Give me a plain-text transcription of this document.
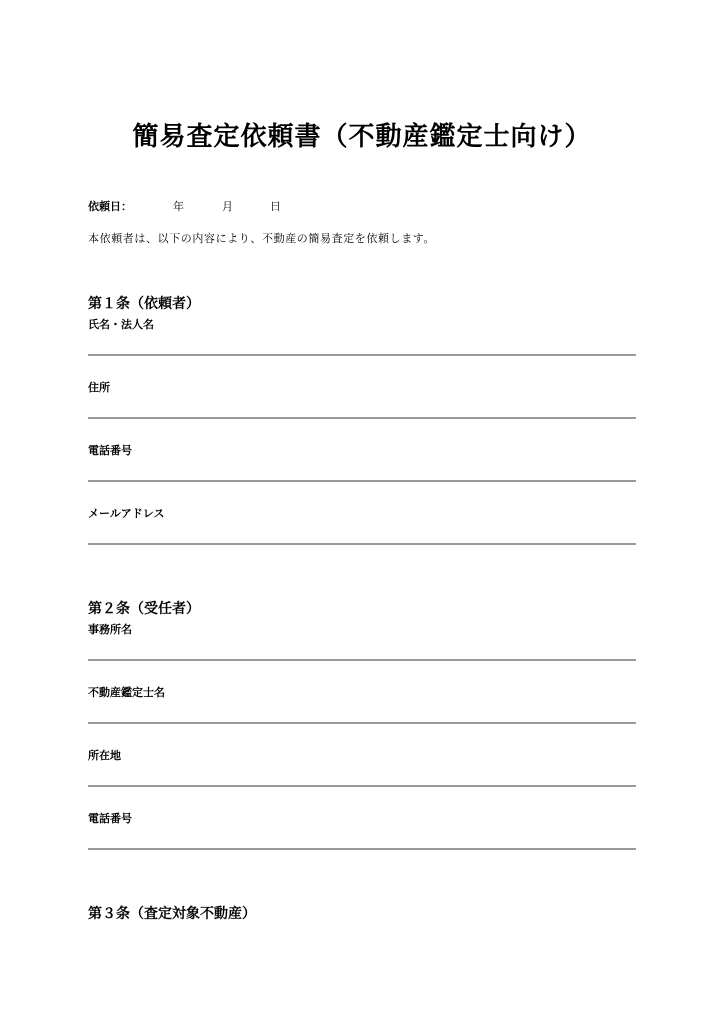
簡易査定依頼書（不動産鑑定士向け）
依頼日：	年	月	日
本依頼者は、以下の内容により、不動産の簡易査定を依頼します。
第１条（依頼者）
氏名・法人名
住所
電話番号
メールアドレス
第２条（受任者）
事務所名
不動産鑑定士名
所在地
電話番号
第３条（査定対象不動産）
